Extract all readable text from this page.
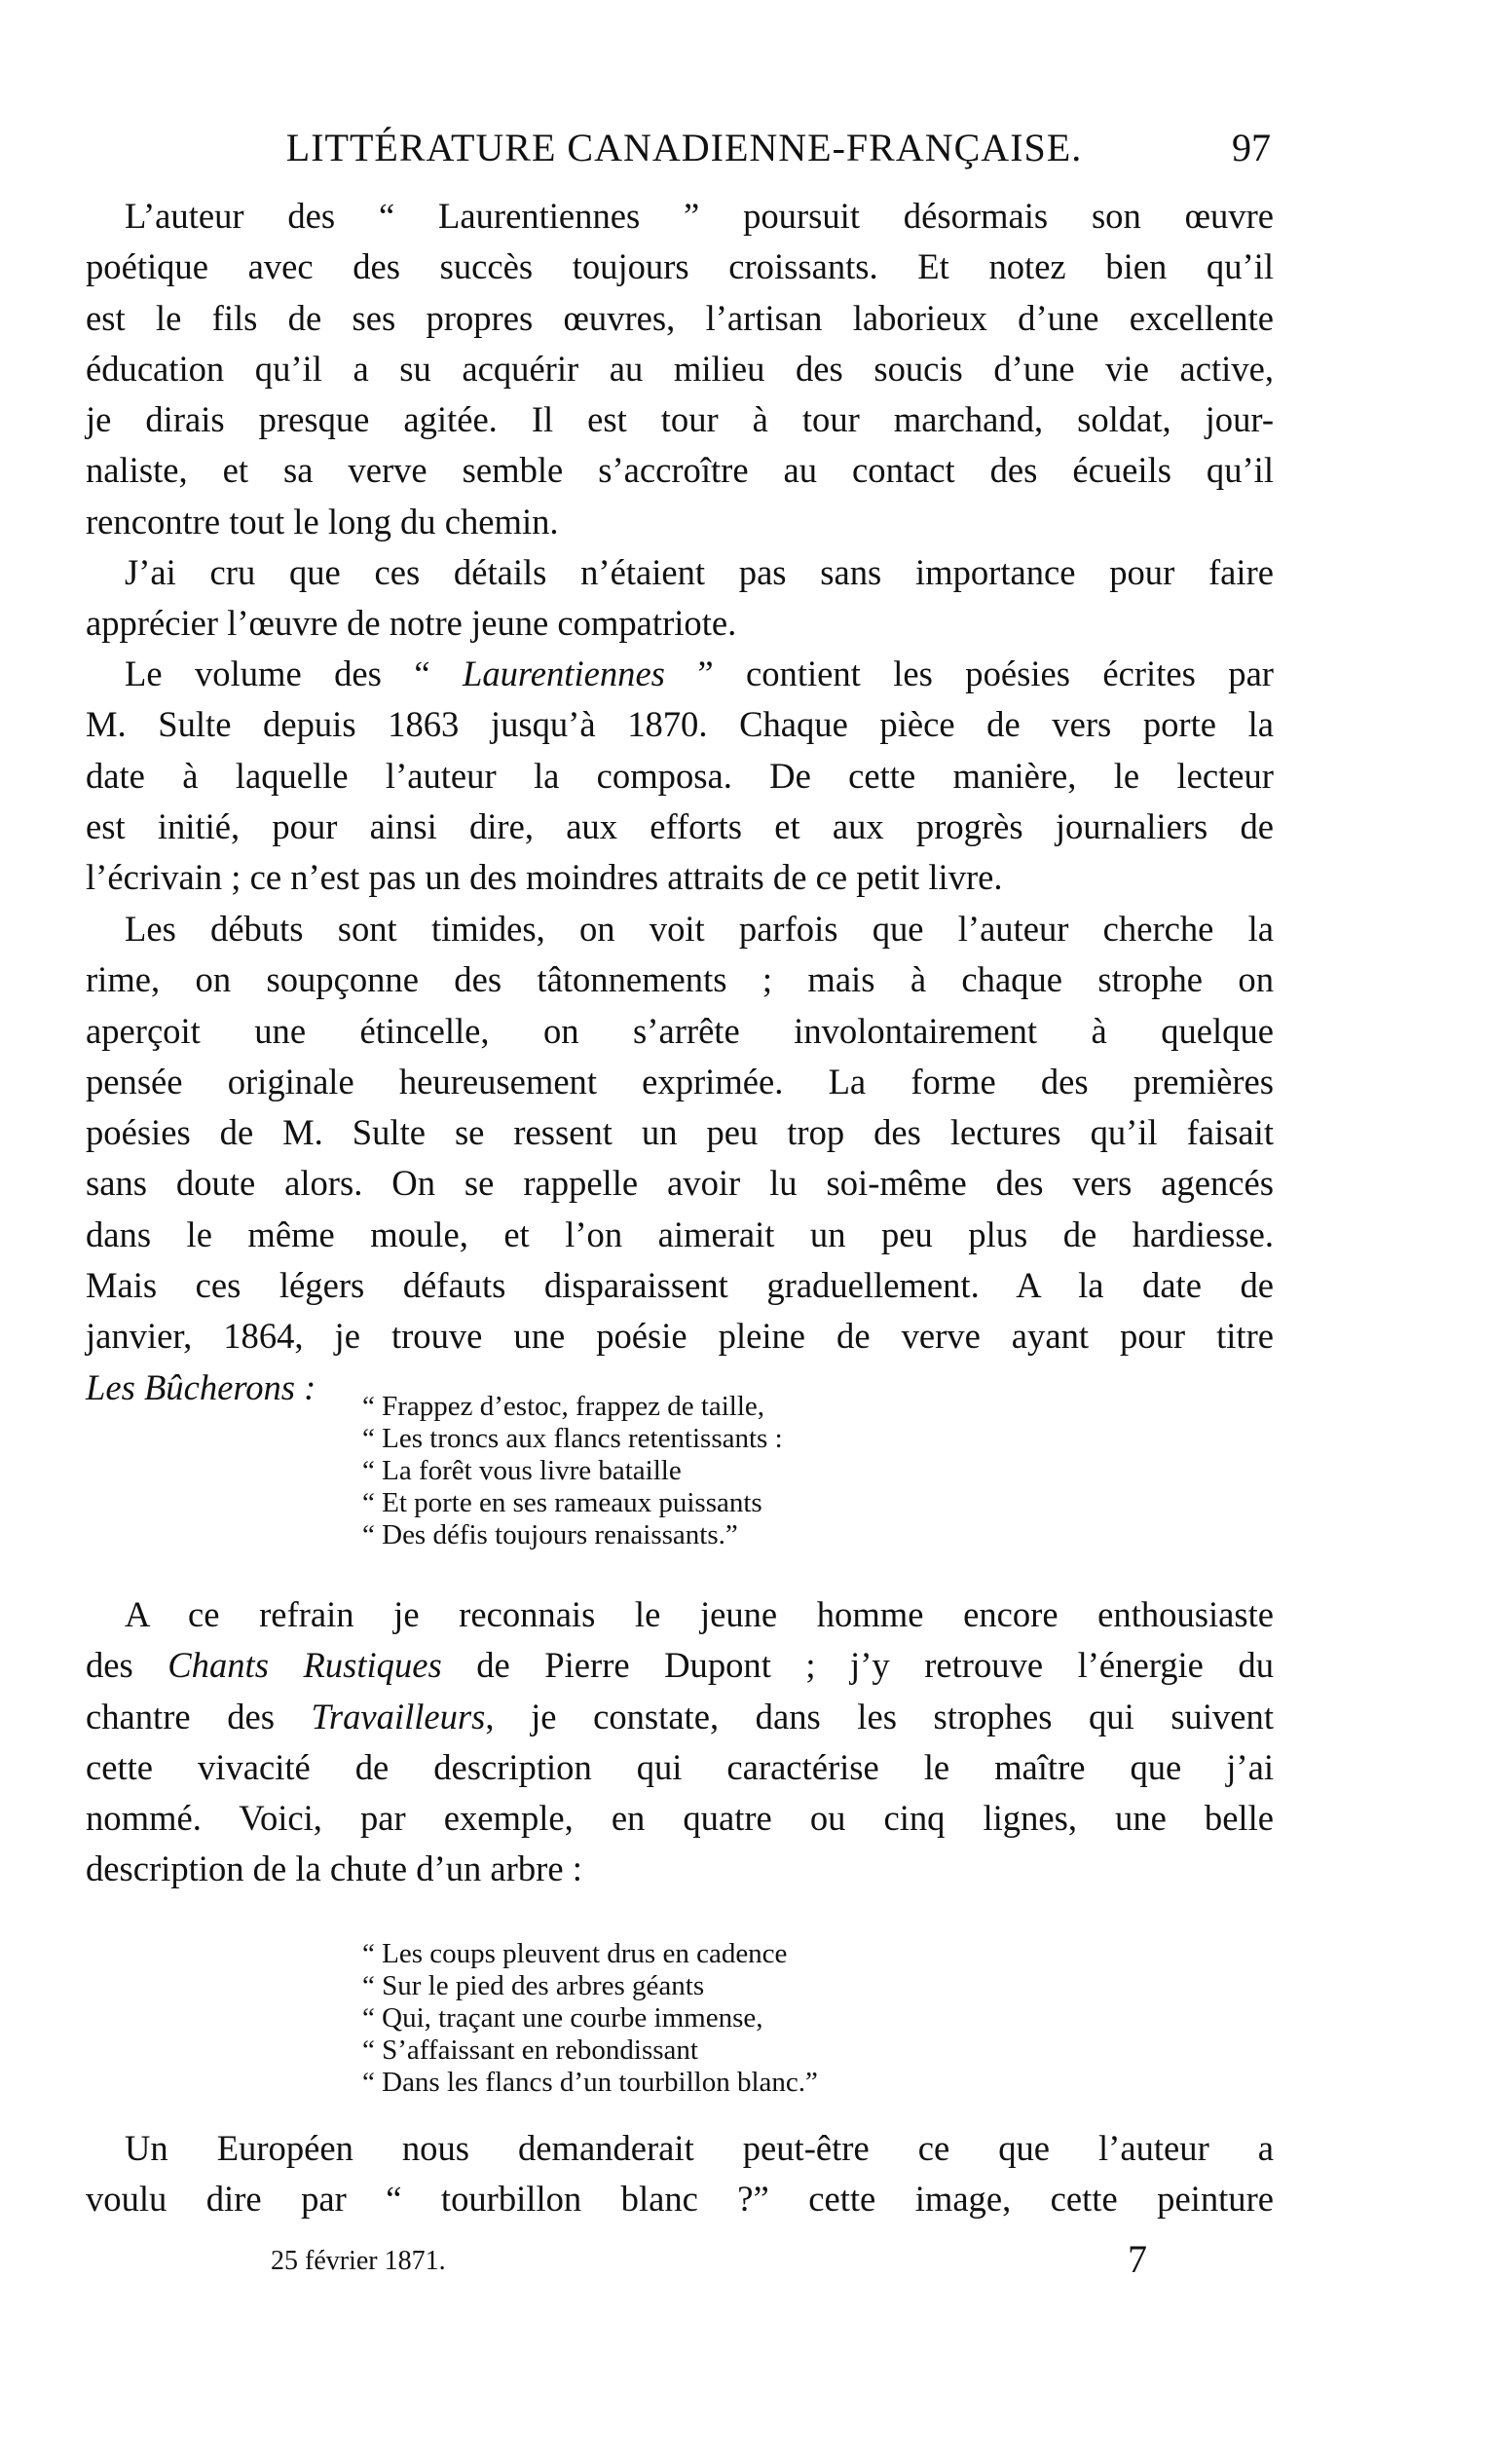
LITTÉRATURE CANADIENNE-FRANÇAISE.	97

L’auteur des “ Laurentiennes ” poursuit désormais son œuvre
poétique avec des succès toujours croissants. Et notez bien qu’il
est le fils de ses propres œuvres, l’artisan laborieux d’une excellente
éducation qu’il a su acquérir au milieu des soucis d’une vie active,
je dirais presque agitée. Il est tour à tour marchand, soldat, jour-
naliste, et sa verve semble s’accroître au contact des écueils qu’il
rencontre tout le long du chemin.

J’ai cru que ces détails n’étaient pas sans importance pour faire
apprécier l’œuvre de notre jeune compatriote.

Le volume des “ Laurentiennes ” contient les poésies écrites par
M. Sulte depuis 1863 jusqu’à 1870. Chaque pièce de vers porte la
date à laquelle l’auteur la composa. De cette manière, le lecteur
est initié, pour ainsi dire, aux efforts et aux progrès journaliers de
l’écrivain ; ce n’est pas un des moindres attraits de ce petit livre.

Les débuts sont timides, on voit parfois que l’auteur cherche la
rime, on soupçonne des tâtonnements ; mais à chaque strophe on
aperçoit une étincelle, on s’arrête involontairement à quelque
pensée originale heureusement exprimée. La forme des premières
poésies de M. Sulte se ressent un peu trop des lectures qu’il faisait
sans doute alors. On se rappelle avoir lu soi-même des vers agencés
dans le même moule, et l’on aimerait un peu plus de hardiesse.
Mais ces légers défauts disparaissent graduellement. A la date de
janvier, 1864, je trouve une poésie pleine de verve ayant pour titre
Les Bûcherons :	“ Frappez d’estoc, frappez de taille,
“ Les troncs aux flancs retentissants :
“ La forêt vous livre bataille
“ Et porte en ses rameaux puissants
“ Des défis toujours renaissants.”

A ce refrain je reconnais le jeune homme encore enthousiaste
des Chants Rustiques de Pierre Dupont ; j’y retrouve l’énergie du
chantre des Travailleurs, je constate, dans les strophes qui suivent
cette vivacité de description qui caractérise le maître que j’ai
nommé. Voici, par exemple, en quatre ou cinq lignes, une belle
description de la chute d’un arbre :

“ Les coups pleuvent drus en cadence
“ Sur le pied des arbres géants
“ Qui, traçant une courbe immense,
“ S’affaissant en rebondissant
“ Dans les flancs d’un tourbillon blanc.”

Un Européen nous demanderait peut-être ce que l’auteur a
voulu dire par “ tourbillon blanc ?” cette image, cette peinture

25 février 1871.	7
